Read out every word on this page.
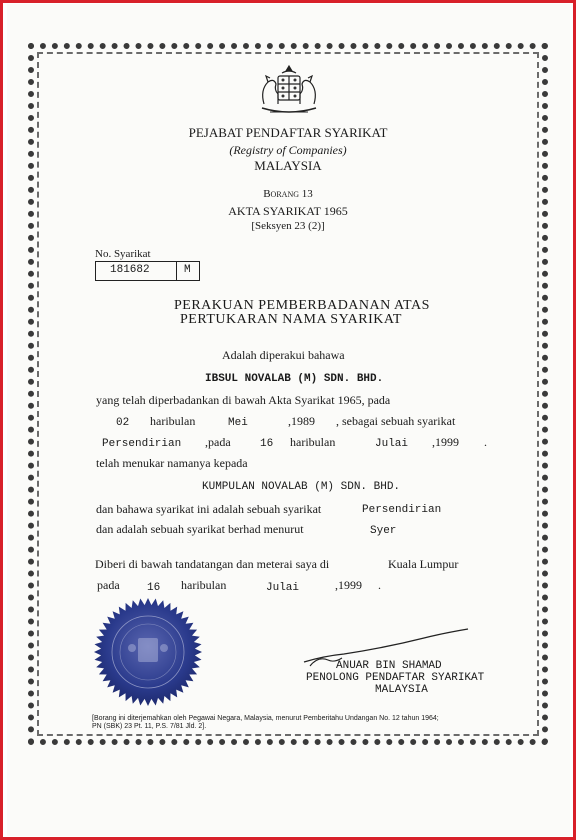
PEJABAT PENDAFTAR SYARIKAT
(Registry of Companies)
MALAYSIA
Borang 13
AKTA SYARIKAT 1965
[Seksyen 23 (2)]
No. Syarikat
181682	M
PERAKUAN PEMBERBADANAN ATAS
PERTUKARAN NAMA SYARIKAT
Adalah diperakui bahawa
IBSUL NOVALAB (M) SDN. BHD.
yang telah diperbadankan di bawah Akta Syarikat 1965, pada
02 haribulan	Mei	,1989 , sebagai sebuah syarikat
Persendirian ,pada	16 haribulan	Julai ,1999 .
telah menukar namanya kepada
KUMPULAN NOVALAB (M) SDN. BHD.
dan bahawa syarikat ini adalah sebuah syarikat	Persendirian
dan adalah sebuah syarikat berhad menurut	Syer
Diberi di bawah tandatangan dan meterai saya di	Kuala Lumpur
pada 16 haribulan	Julai	,1999 .
ANUAR BIN SHAMAD
PENOLONG PENDAFTAR SYARIKAT
MALAYSIA
[Borang ini diterjemahkan oleh Pegawai Negara, Malaysia, menurut Pemberitahu Undangan No. 12 tahun 1964;
PN (SBK) 23 Pt. 11, P.S. 7/81 Jld. 2].
